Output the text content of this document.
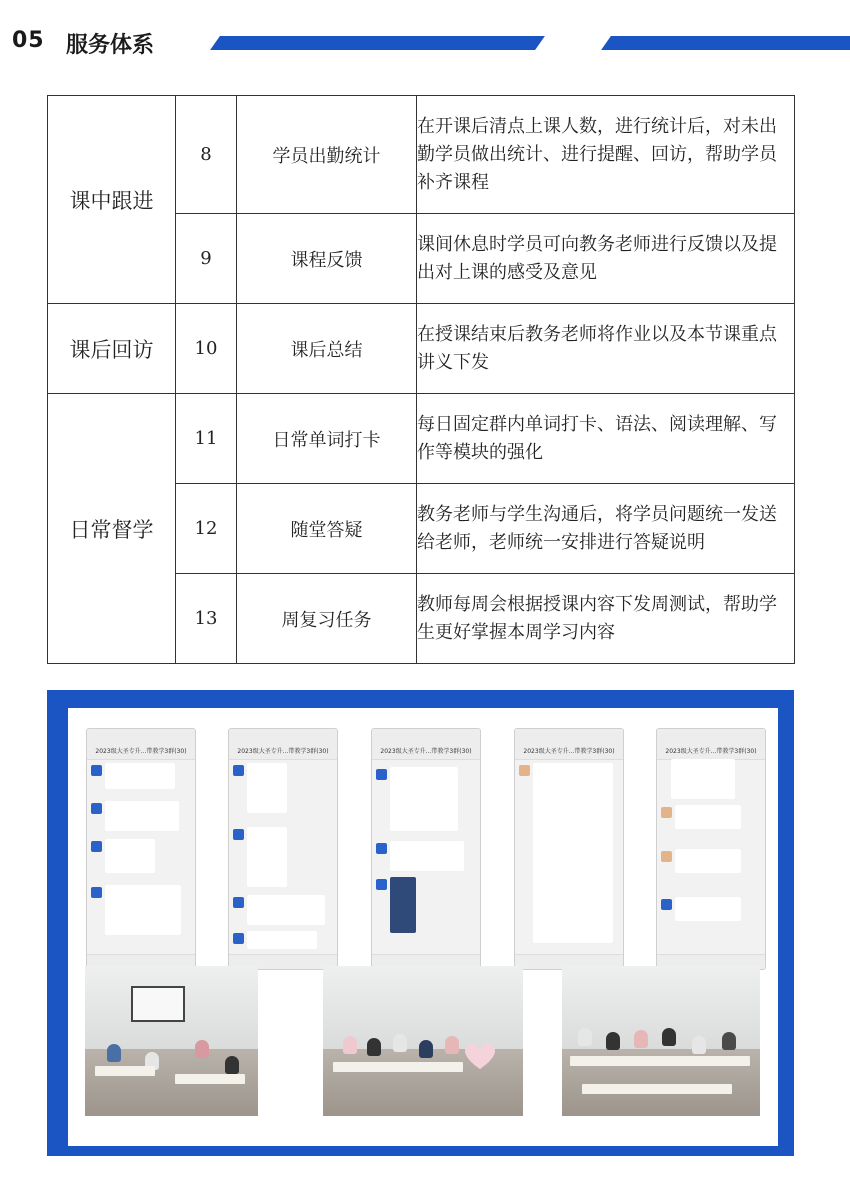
05 服务体系
课中跟进	8	学员出勤统计	在开课后清点上课人数，进行统计后，对未出勤学员做出统计、进行提醒、回访，帮助学员补齐课程
	9	课程反馈	课间休息时学员可向教务老师进行反馈以及提出对上课的感受及意见
课后回访	10	课后总结	在授课结束后教务老师将作业以及本节课重点讲义下发
日常督学	11	日常单词打卡	每日固定群内单词打卡、语法、阅读理解、写作等模块的强化
	12	随堂答疑	教务老师与学生沟通后，将学员问题统一发送给老师，老师统一安排进行答疑说明
	13	周复习任务	教师每周会根据授课内容下发周测试，帮助学生更好掌握本周学习内容
2023级大圣专升...带教学3群(30)	2023级大圣专升...带教学3群(30)	2023级大圣专升...带教学3群(30)	2023级大圣专升...带教学3群(30)	2023级大圣专升...带教学3群(30)
